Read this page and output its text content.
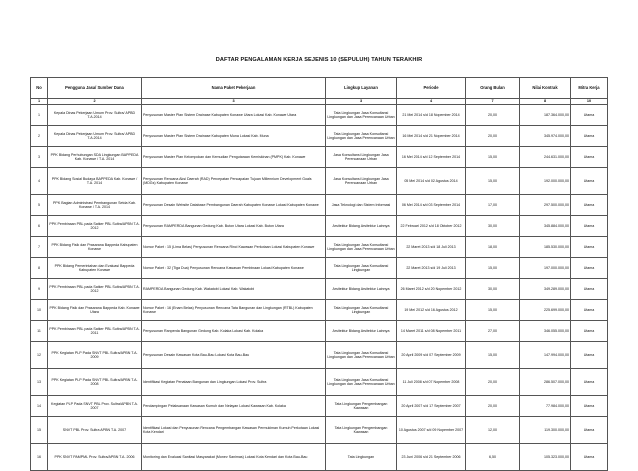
DAFTAR PENGALAMAN KERJA SEJENIS 10 (SEPULUH) TAHUN TERAKHIR
No	Pengguna Jasa/ Sumber Dana	Nama Paket Pekerjaan	Lingkup Layanan	Periode	Orang Bulan	Nilai Kontrak	Mitra Kerja
1	2	3	3	4	7	8	10
1	Kepala Dinas Pekerjaan Umum Prov. Sultra/ APBD T.A.2014	Penyusunan Master Plan Sistem Drainase Kabupaten Konawe Utara Lokasi Kab. Konawe Utara	Tata Lingkungan Jasa Konsultansi Lingkungan dan Jasa Perencanaan Urban	21 Mei 2014 s/d 18 Nopember 2014	20,00	187.364.000,00	Utama
2	Kepala Dinas Pekerjaan Umum Prov. Sultra/ APBD T.A.2014	Penyusunan Master Plan Sistem Drainase Kabupaten Muna Lokasi Kab. Muna	Tata Lingkungan Jasa Konsultansi Lingkungan dan Jasa Perencanaan Urban	16 Mei 2014 s/d 21 Nopember 2014	20,00	345.974.000,00	Utama
3	PPK Bidang Perhubungan SDA Lingkungan BAPPEDA Kab. Konawe / T.A. 2014	Penyusunan Master Plan Kelompokan dan Kemudian Pengutaraan Kemiskinan (PMPK) Kab. Konawe	Jasa Konsultansi Lingkungan Jasa Perencanaan Urban	16 Mei 2014 s/d 12 September 2014	15,00	244.631.000,00	Utama
4	PPK Bidang Sosial Budaya BAPPEDA Kab. Konawe / T.A. 2014	Penyusunan Rencana Aksi Daerah (RAD) Percepatan Pencapaian Tujuan Millennium Development Goals (MDGs) Kabupaten Konawe	Jasa Konsultansi Lingkungan Jasa Perencanaan Urban	05 Mei 2014 s/d 02 Agustus 2014	15,00	192.000.000,00	Utama
5	PPK Bagian Administrasi Pembangunan Setda Kab. Konawe / T.A. 2014	Penyusunan Desain Website Database Pembangunan Daerah Kabupaten Konawe Lokasi Kabupaten Konawe	Jasa Teknologi dan Sistem Informasi	06 Mei 2014 s/d 03 September 2014	17,00	297.500.000,00	Utama
6	PPK Pembinaan PBL pada Satker PBL Sultra/APBN T.A. 2012	Penyusunan RAMPERDA Bangunan Gedung Kab. Buton Utara Lokasi Kab. Buton Utara	Arsitektur Bidang Arsitektur Lainnya	22 Februari 2012 s/d 18 Oktober 2012	30,00	345.884.000,00	Utama
7	PPK Bidang Fisik dan Prasarana Bappeda Kabupaten Konawe	Nomor Paket : 15 (Lima Belas) Penyusunan Rencana Rinci Kawasan Perkotaan Lokasi Kabupaten Konawe	Tata Lingkungan Jasa Konsultansi Lingkungan dan Jasa Perencanaan Urban	22 Maret 2013 s/d 18 Juli 2013	18,00	185.530.000,00	Utama
8	PPK Bidang Pemerintahan dan Evaluasi Bappeda Kabupaten Konawe	Nomor Paket : 32 (Tiga Dua) Penyusunan Rencana Kawasan Pembinaan Lokasi Kabupaten Konawe	Tata Lingkungan Jasa Konsultansi Lingkungan	22 Maret 2013 s/d 19 Juli 2013	15,00	197.000.000,00	Utama
9	PPK Pembinaan PBL pada Satker PBL Sultra/APBN T.A. 2012	RAMPERDA Bangunan Gedung Kab. Wakatobi Lokasi Kab. Wakatobi	Arsitektur Bidang Arsitektur Lainnya	26 Maret 2012 s/d 20 Nopember 2012	30,00	349.289.000,00	Utama
10	PPK Bidang Fisik dan Prasarana Bappeda Kab. Konawe Utara	Nomor Paket : 16 (Enam Belas) Penyusunan Rencana Tata Bangunan dan Lingkungan (RTBL) Kabupaten Konawe	Tata Lingkungan Jasa Konsultansi Lingkungan	19 Mei 2012 s/d 16 Agustus 2012	15,00	225.699.000,00	Utama
11	PPK Pembinaan PBL pada Satker PBL Sultra/APBN T.A. 2011	Penyusunan Ranperda Bangunan Gedung Kab. Kolaka Lokasi Kab. Kolaka	Arsitektur Bidang Arsitektur Lainnya	14 Maret 2011 s/d 08 Nopember 2011	27,00	346.055.000,00	Utama
12	PPK Kegiatan PLP Pada SNVT PBL Sultra/APBN T.A. 2009	Penyusunan Desain Kawasan Kota Bau-Bau Lokasi Kota Bau-Bau	Tata Lingkungan Jasa Konsultansi Lingkungan dan Jasa Perencanaan Urban	20 April 2009 s/d 07 September 2009	15,00	147.994.000,00	Utama
13	PPK Kegiatan PLP Pada SNVT PBL Sultra/APBN T.A. 2008	Identifikasi Kegiatan Penataan Bangunan dan Lingkungan Lokasi Prov. Sultra	Tata Lingkungan Jasa Konsultansi Lingkungan dan Jasa Perencanaan Urban	11 Juli 2008 s/d 07 Nopember 2008	20,00	286.507.000,00	Utama
14	Kegiatan PLP Pada SNVT PBL Prov. Sultra/APBN T.A. 2007	Pendampingan Pelaksanaan Kawasan Kumuh dan Nelayan Lokasi Kawasan Kab. Kolaka	Tata Lingkungan Pengembangan Kawasan	20 April 2007 s/d 17 September 2007	20,00	77.984.000,00	Utama
15	SNVT PBL Prov. Sultra APBN T.A. 2007	Identifikasi Lokasi dan Penyusunan Rencana Pengembangan Kawasan Permukiman Kumuh Perkotaan Lokasi Kota Kendari	Tata Lingkungan Pengembangan Kawasan	10 Agustus 2007 s/d 09 Nopember 2007	12,00	119.300.000,00	Utama
16	PPK SNVT PAMPML Prov. Sultra/APBN T.A. 2006	Monitoring dan Evaluasi Sanitasi Masyarakat (Monev Sanimas) Lokasi Kota Kendari dan Kota Bau-Bau	Tata Lingkungan	23 Juni 2006 s/d 21 September 2006	6,50	105.323.000,00	Utama
